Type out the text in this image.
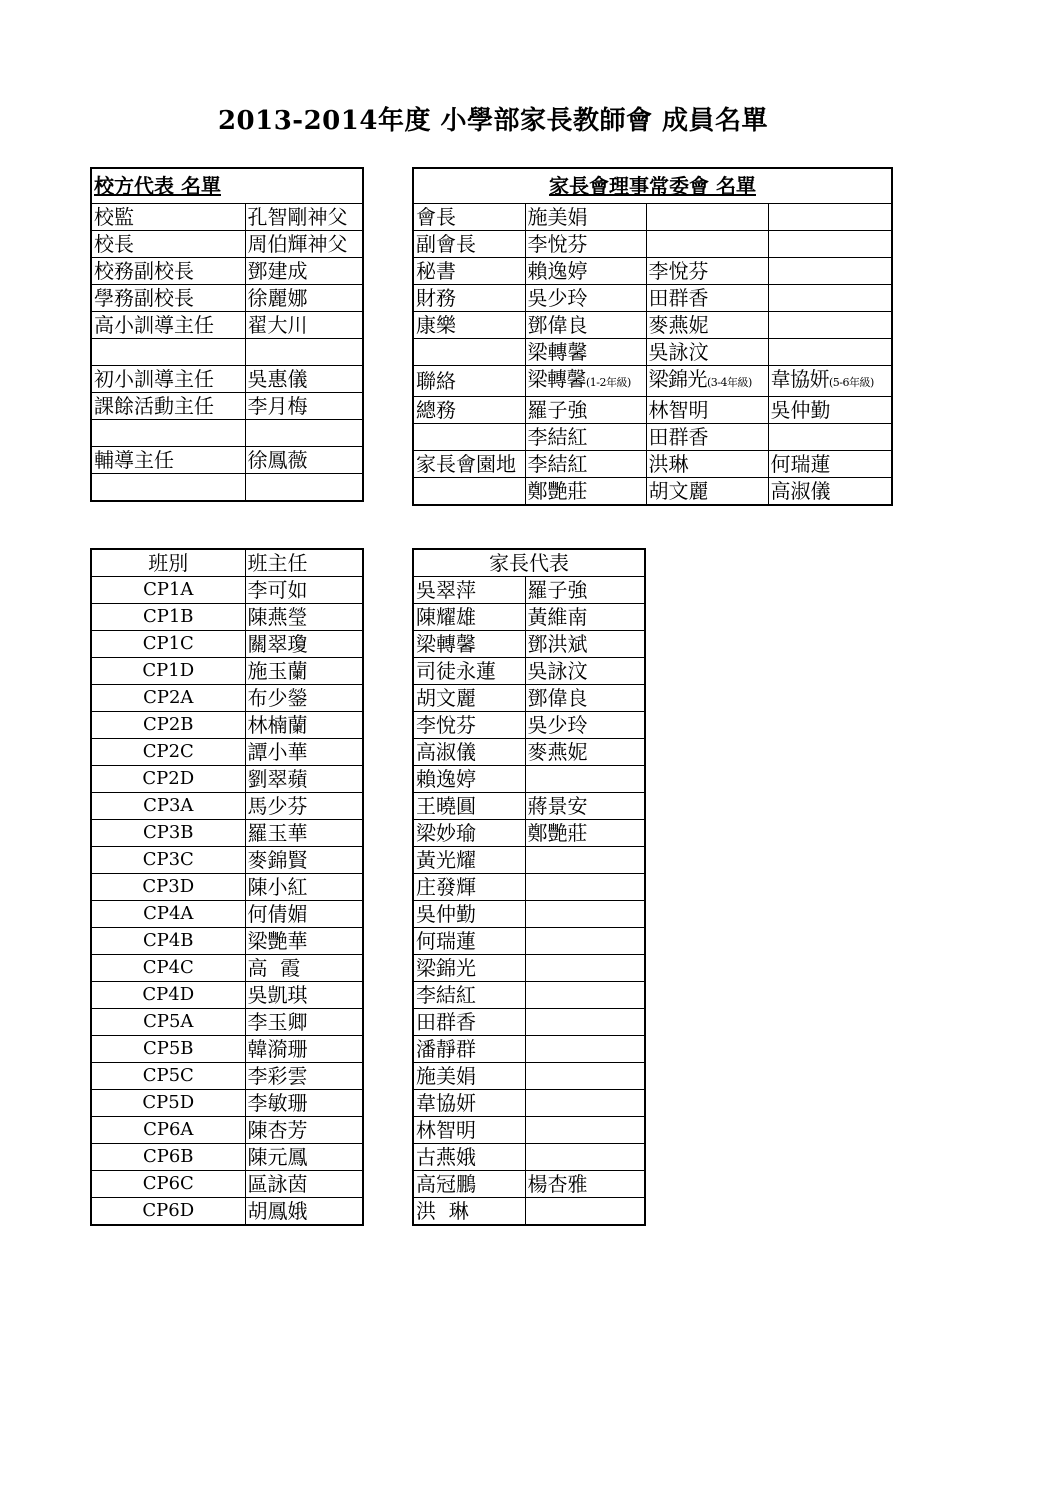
2013-2014年度 小學部家長教師會 成員名單
校方代表 名單	
校監	孔智剛神父
校長	周伯輝神父
校務副校長	鄧建成
學務副校長	徐麗娜
高小訓導主任	翟大川

初小訓導主任	吳惠儀
課餘活動主任	李月梅

輔導主任	徐鳳薇

家長會理事常委會 名單			
會長	施美娟		
副會長	李悅芬		
秘書	賴逸婷	李悅芬	
財務	吳少玲	田群香	
康樂	鄧偉良	麥燕妮	
	梁轉馨	吳詠汶	
聯絡	梁轉馨(1-2年級)	梁錦光(3-4年級)	韋協妍(5-6年級)
總務	羅子強	林智明	吳仲勤
	李結紅	田群香	
家長會園地	李結紅	洪琳	何瑞蓮
	鄭艷莊	胡文麗	高淑儀
班別	班主任
CP1A	李可如
CP1B	陳燕瑩
CP1C	關翠瓊
CP1D	施玉蘭
CP2A	布少鎣
CP2B	林楠蘭
CP2C	譚小華
CP2D	劉翠蘋
CP3A	馬少芬
CP3B	羅玉華
CP3C	麥錦賢
CP3D	陳小紅
CP4A	何倩媚
CP4B	梁艷華
CP4C	高  霞
CP4D	吳凱琪
CP5A	李玉卿
CP5B	韓漪珊
CP5C	李彩雲
CP5D	李敏珊
CP6A	陳杏芳
CP6B	陳元鳳
CP6C	區詠茵
CP6D	胡鳳娥
家長代表	
吳翠萍	羅子強
陳耀雄	黃維南
梁轉馨	鄧洪斌
司徒永蓮	吳詠汶
胡文麗	鄧偉良
李悅芬	吳少玲
高淑儀	麥燕妮
賴逸婷	
王曉圓	蔣景安
梁妙瑜	鄭艷莊
黃光耀	
庄發輝	
吳仲勤	
何瑞蓮	
梁錦光	
李結紅	
田群香	
潘靜群	
施美娟	
韋協妍	
林智明	
古燕娥	
高冠鵬	楊杏雅
洪  琳	
